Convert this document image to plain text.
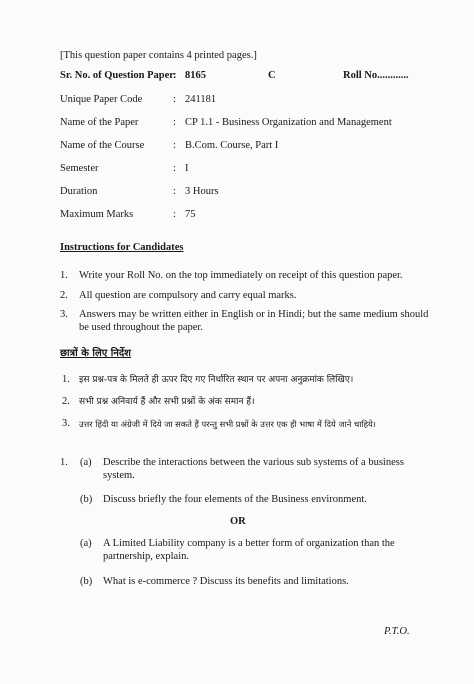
[This question paper contains 4 printed pages.]
Sr. No. of Question Paper : 8165	C	Roll No............
Unique Paper Code	: 241181
Name of the Paper	: CP 1.1 - Business Organization and Management
Name of the Course	: B.Com. Course, Part I
Semester	: I
Duration	: 3 Hours
Maximum Marks	: 75
Instructions for Candidates
1. Write your Roll No. on the top immediately on receipt of this question paper.
2. All question are compulsory and carry equal marks.
3. Answers may be written either in English or in Hindi; but the same medium should
be used throughout the paper.
छात्रों के लिए निर्देश
1. इस प्रश्न-पत्र के मिलते ही ऊपर दिए गए निर्धारित स्थान पर अपना अनुक्रमांक लिखिए।
2. सभी प्रश्न अनिवार्य हैं और सभी प्रश्नों के अंक समान हैं।
3. उत्तर हिंदी या अंग्रेजी में दिये जा सकते हैं परन्तु सभी प्रश्नों के उत्तर एक ही भाषा में दिये जाने चाहिये।
1. (a) Describe the interactions between the various sub systems of a business
system.
(b) Discuss briefly the four elements of the Business environment.
OR
(a) A Limited Liability company is a better form of organization than the
partnership, explain.
(b) What is e-commerce ? Discuss its benefits and limitations.
P.T.O.
